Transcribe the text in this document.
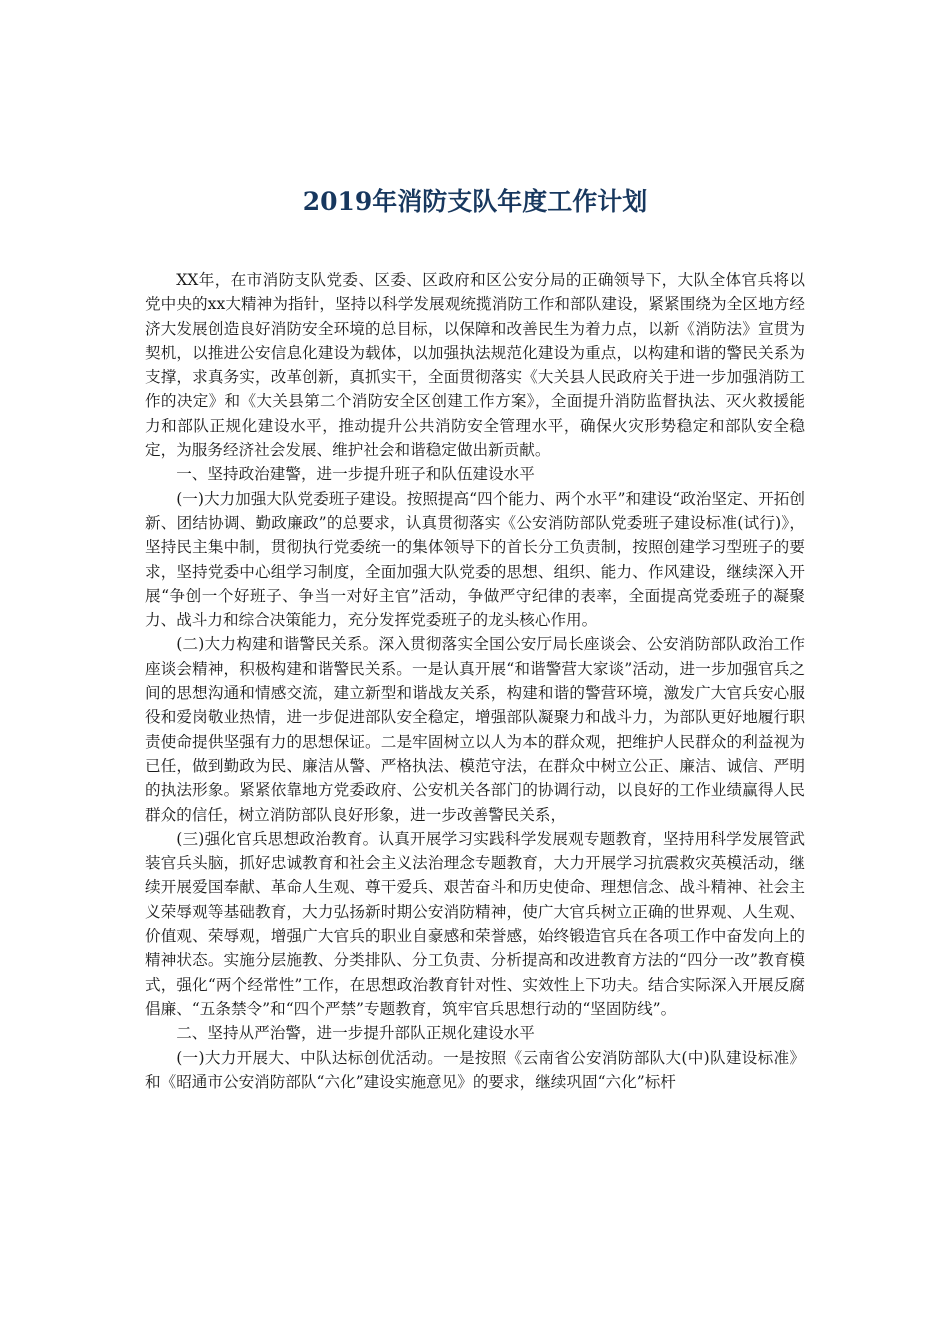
2019年消防支队年度工作计划

XX年，在市消防支队党委、区委、区政府和区公安分局的正确领导下，大队全体官兵将以党中央的xx大精神为指针，坚持以科学发展观统揽消防工作和部队建设，紧紧围绕为全区地方经济大发展创造良好消防安全环境的总目标，以保障和改善民生为着力点，以新《消防法》宣贯为契机，以推进公安信息化建设为载体，以加强执法规范化建设为重点，以构建和谐的警民关系为支撑，求真务实，改革创新，真抓实干，全面贯彻落实《大关县人民政府关于进一步加强消防工作的决定》和《大关县第二个消防安全区创建工作方案》，全面提升消防监督执法、灭火救援能力和部队正规化建设水平，推动提升公共消防安全管理水平，确保火灾形势稳定和部队安全稳定，为服务经济社会发展、维护社会和谐稳定做出新贡献。

一、坚持政治建警，进一步提升班子和队伍建设水平

(一)大力加强大队党委班子建设。按照提高“四个能力、两个水平”和建设“政治坚定、开拓创新、团结协调、勤政廉政”的总要求，认真贯彻落实《公安消防部队党委班子建设标准(试行)》，坚持民主集中制，贯彻执行党委统一的集体领导下的首长分工负责制，按照创建学习型班子的要求，坚持党委中心组学习制度，全面加强大队党委的思想、组织、能力、作风建设，继续深入开展“争创一个好班子、争当一对好主官”活动，争做严守纪律的表率，全面提高党委班子的凝聚力、战斗力和综合决策能力，充分发挥党委班子的龙头核心作用。

(二)大力构建和谐警民关系。深入贯彻落实全国公安厅局长座谈会、公安消防部队政治工作座谈会精神，积极构建和谐警民关系。一是认真开展“和谐警营大家谈”活动，进一步加强官兵之间的思想沟通和情感交流，建立新型和谐战友关系，构建和谐的警营环境，激发广大官兵安心服役和爱岗敬业热情，进一步促进部队安全稳定，增强部队凝聚力和战斗力，为部队更好地履行职责使命提供坚强有力的思想保证。二是牢固树立以人为本的群众观，把维护人民群众的利益视为已任，做到勤政为民、廉洁从警、严格执法、模范守法，在群众中树立公正、廉洁、诚信、严明的执法形象。紧紧依靠地方党委政府、公安机关各部门的协调行动，以良好的工作业绩赢得人民群众的信任，树立消防部队良好形象，进一步改善警民关系，

(三)强化官兵思想政治教育。认真开展学习实践科学发展观专题教育，坚持用科学发展管武装官兵头脑，抓好忠诚教育和社会主义法治理念专题教育，大力开展学习抗震救灾英模活动，继续开展爱国奉献、革命人生观、尊干爱兵、艰苦奋斗和历史使命、理想信念、战斗精神、社会主义荣辱观等基础教育，大力弘扬新时期公安消防精神，使广大官兵树立正确的世界观、人生观、价值观、荣辱观，增强广大官兵的职业自豪感和荣誉感，始终锻造官兵在各项工作中奋发向上的精神状态。实施分层施教、分类排队、分工负责、分析提高和改进教育方法的“四分一改”教育模式，强化“两个经常性”工作，在思想政治教育针对性、实效性上下功夫。结合实际深入开展反腐倡廉、“五条禁令”和“四个严禁”专题教育，筑牢官兵思想行动的“坚固防线”。

二、坚持从严治警，进一步提升部队正规化建设水平

(一)大力开展大、中队达标创优活动。一是按照《云南省公安消防部队大(中)队建设标准》和《昭通市公安消防部队“六化”建设实施意见》的要求，继续巩固“六化”标杆
